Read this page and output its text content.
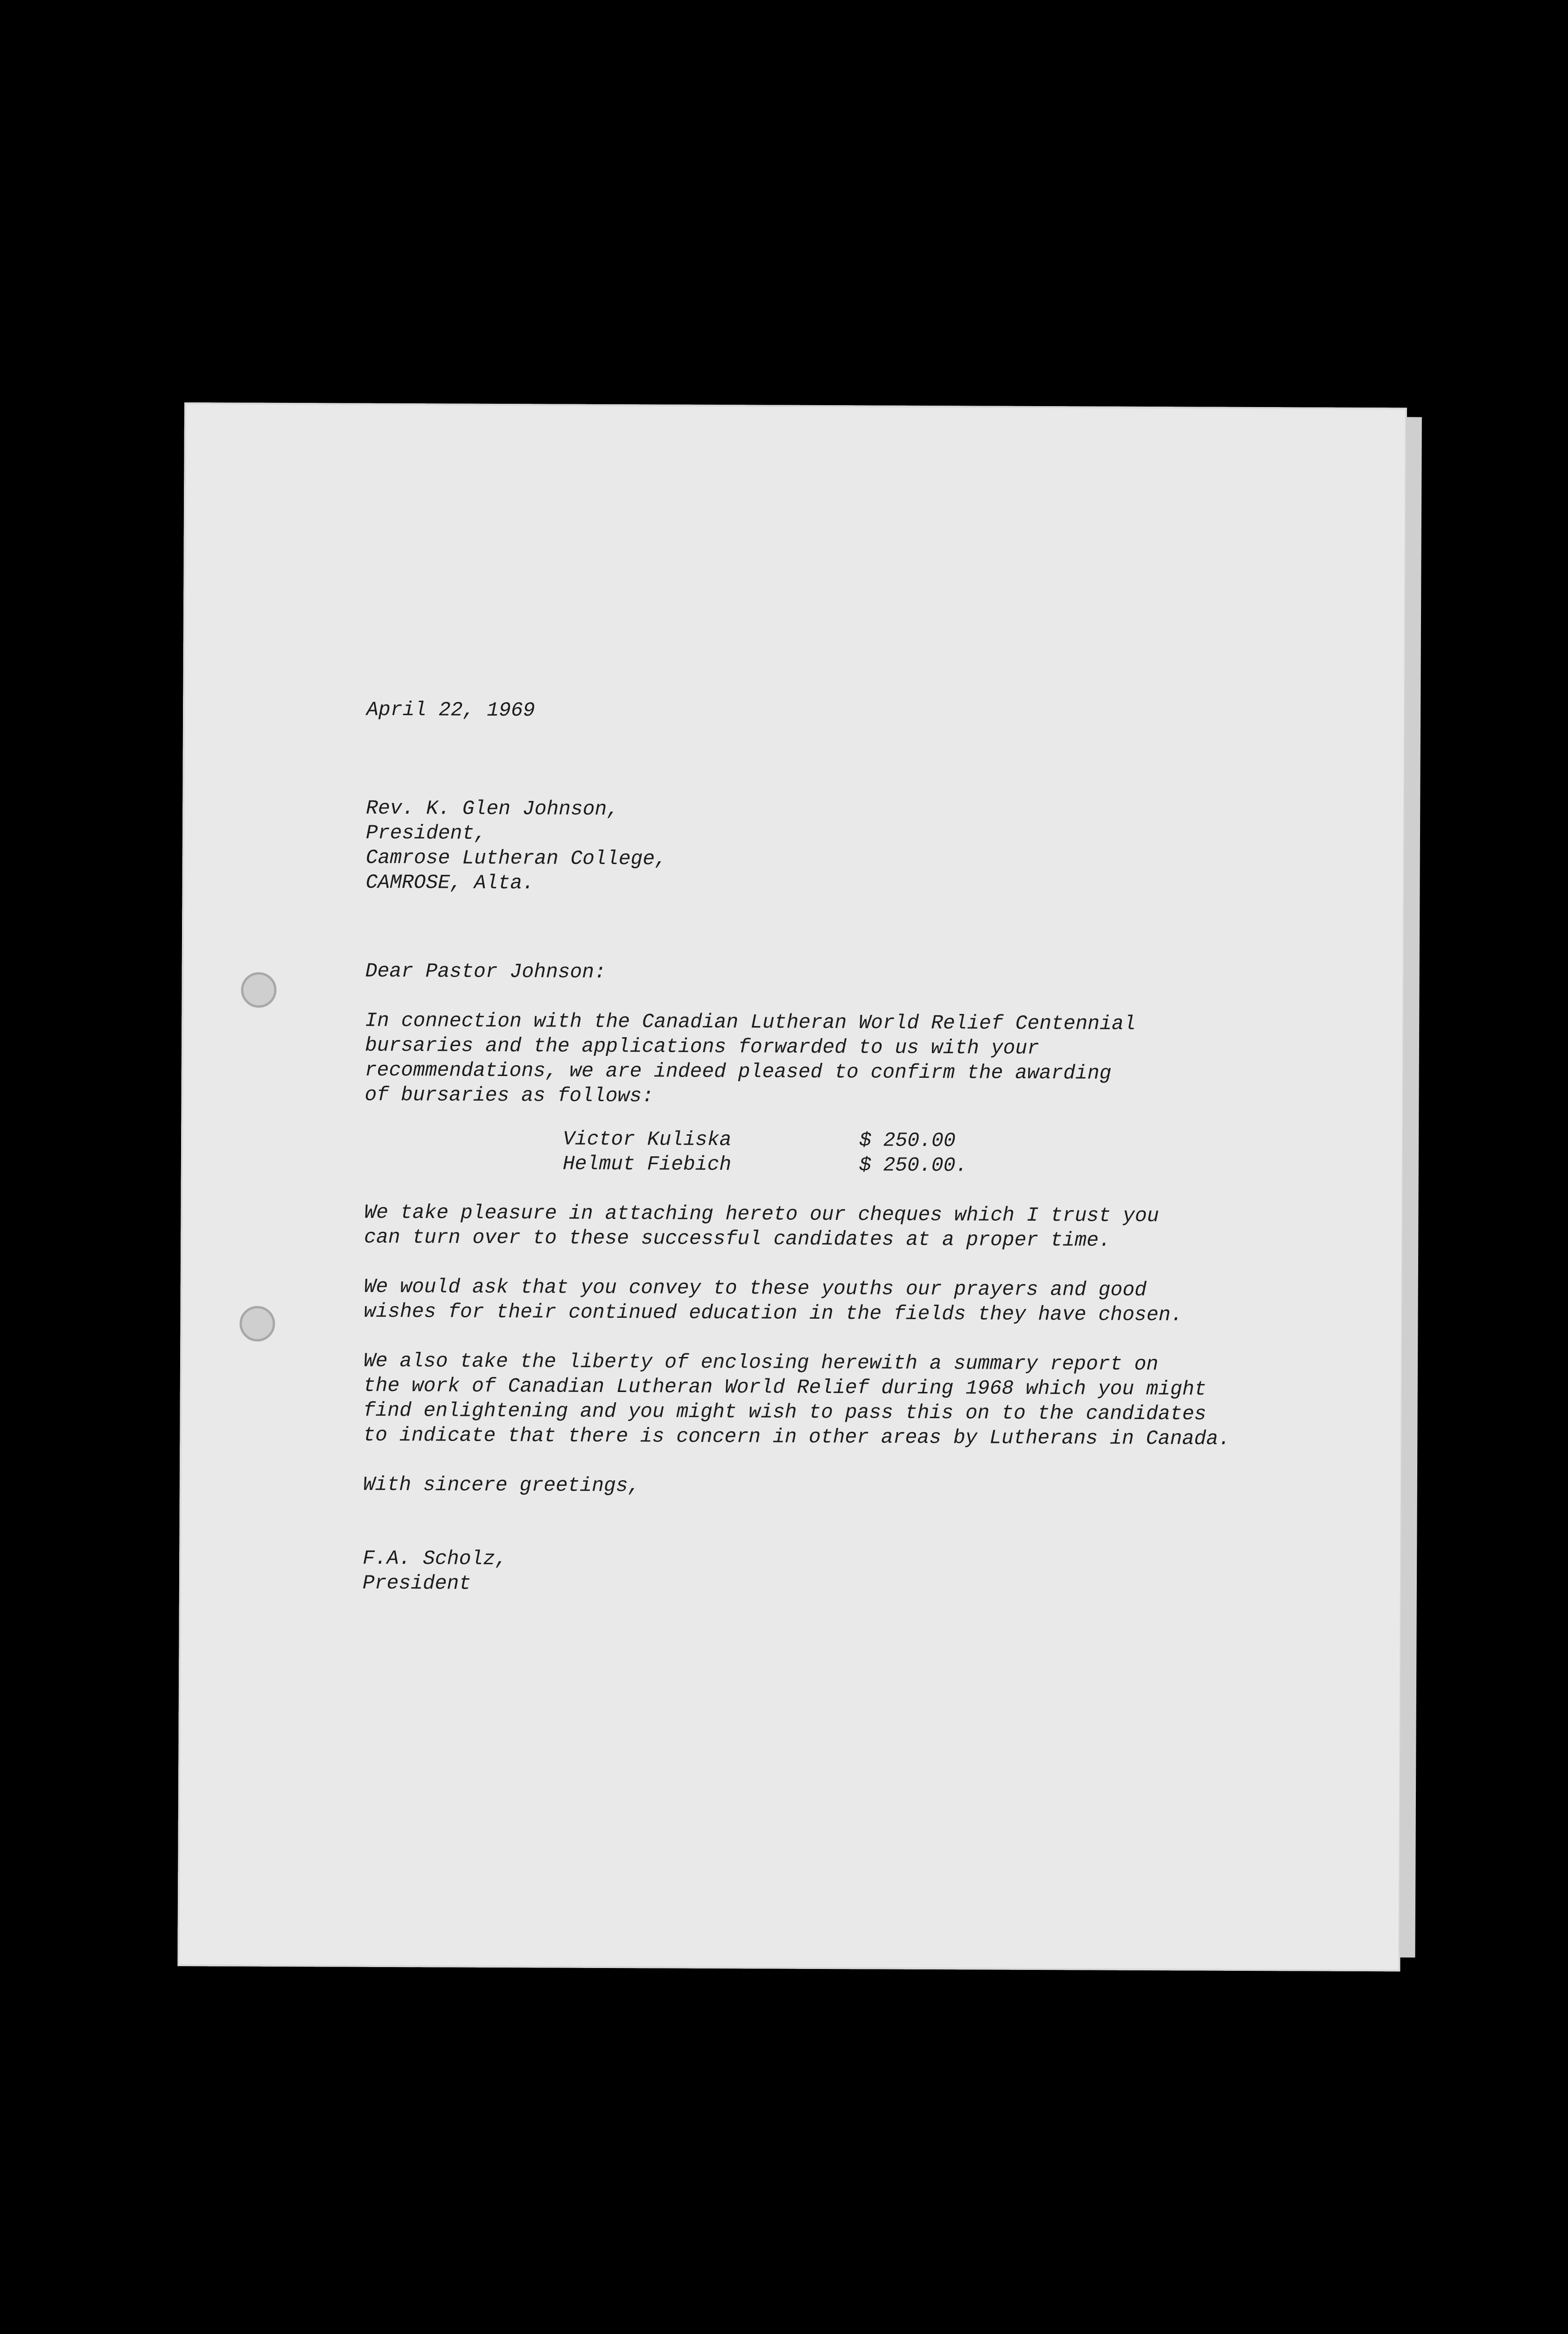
April 22, 1969

Rev. K. Glen Johnson,

President,

Camrose Lutheran College,

CAMROSE, Alta.

Dear Pastor Johnson:

In connection with the Canadian Lutheran World Relief Centennial

bursaries and the applications forwarded to us with your

recommendations, we are indeed pleased to confirm the awarding

of bursaries as follows:

Victor Kuliska	$ 250.00
Helmut Fiebich	$ 250.00.

We take pleasure in attaching hereto our cheques which I trust you

can turn over to these successful candidates at a proper time.

We would ask that you convey to these youths our prayers and good

wishes for their continued education in the fields they have chosen.

We also take the liberty of enclosing herewith a summary report on

the work of Canadian Lutheran World Relief during 1968 which you might

find enlightening and you might wish to pass this on to the candidates

to indicate that there is concern in other areas by Lutherans in Canada.

With sincere greetings,

F.A. Scholz,

President
